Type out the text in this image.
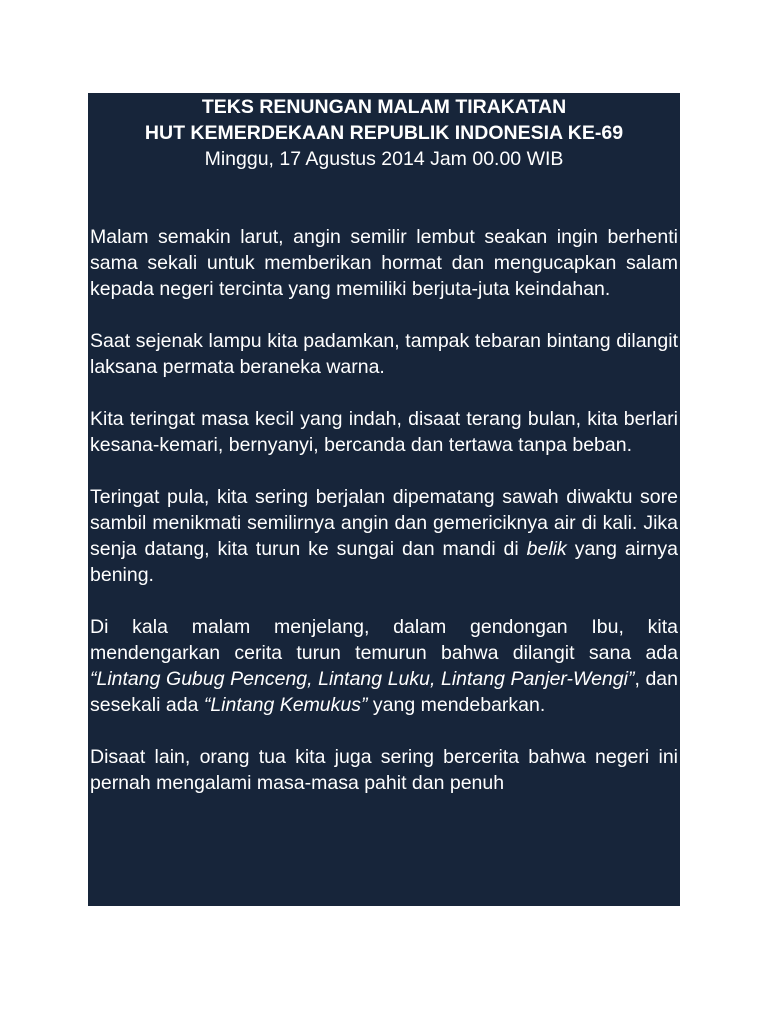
TEKS RENUNGAN MALAM TIRAKATAN
HUT KEMERDEKAAN REPUBLIK INDONESIA KE-69
Minggu, 17 Agustus 2014 Jam 00.00 WIB

Malam semakin larut, angin semilir lembut seakan ingin berhenti sama sekali untuk memberikan hormat dan mengucapkan salam kepada negeri tercinta yang memiliki berjuta-juta keindahan.

Saat sejenak lampu kita padamkan, tampak tebaran bintang dilangit laksana permata beraneka warna.

Kita teringat masa kecil yang indah, disaat terang bulan, kita berlari kesana-kemari, bernyanyi, bercanda dan tertawa tanpa beban.

Teringat pula, kita sering berjalan dipematang sawah diwaktu sore sambil menikmati semilirnya angin dan gemericiknya air di kali. Jika senja datang, kita turun ke sungai dan mandi di belik yang airnya bening.

Di kala malam menjelang, dalam gendongan Ibu, kita mendengarkan cerita turun temurun bahwa dilangit sana ada “Lintang Gubug Penceng, Lintang Luku, Lintang Panjer-Wengi”, dan sesekali ada “Lintang Kemukus” yang mendebarkan.

Disaat lain, orang tua kita juga sering bercerita bahwa negeri ini pernah mengalami masa-masa pahit dan penuh
